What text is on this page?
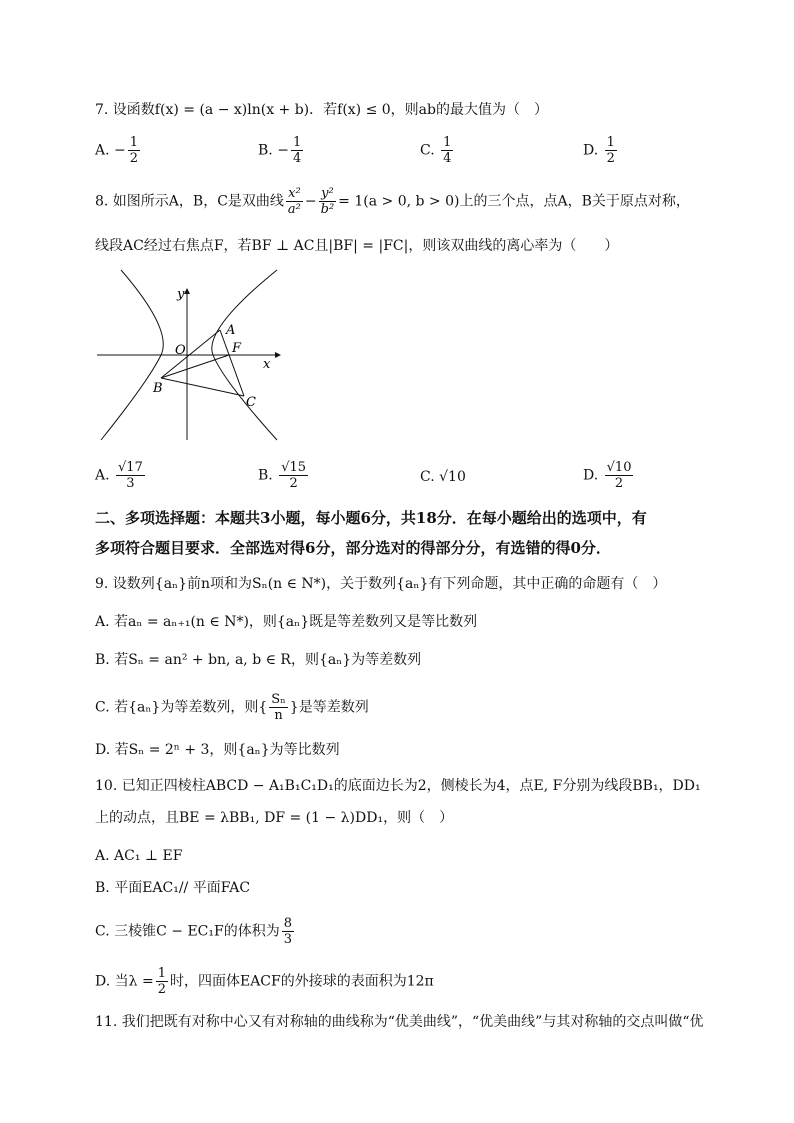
7. 设函数f(x) = (a − x)ln(x + b)．若f(x) ≤ 0，则ab的最大值为（　）
A. − $\frac{1}{2}$	B. − $\frac{1}{4}$	C. $\frac{1}{4}$	D. $\frac{1}{2}$
8. 如图所示A，B，C是双曲线 $\frac{\text{x²}}{\text{a²}} - \frac{\text{y²}}{\text{b²}} = 1(a > 0$, b > 0)上的三个点，点A，B关于原点对称，
线段AC经过右焦点F，若BF ⊥ AC且|BF| = |FC|，则该双曲线的离心率为（　　）
y
O
A
F
x
B
C
A. $\frac{√17}{3}$	B. $\frac{√15}{2}$	C. √10	D. $\frac{√10}{2}$
二、多项选择题：本题共3小题，每小题6分，共18分．在每小题给出的选项中，有
多项符合题目要求．全部选对得6分，部分选对的得部分分，有选错的得0分．
9. 设数列{aₙ}前n项和为Sₙ(n ∈ N*)，关于数列{aₙ}有下列命题，其中正确的命题有（　）
A. 若aₙ = aₙ₊₁(n ∈ N*)，则{aₙ}既是等差数列又是等比数列
B. 若Sₙ = an² + bn, a, b ∈ R，则{aₙ}为等差数列
C. 若{aₙ}为等差数列，则{ $\frac{\text{Sₙ}}{n}$ }是等差数列
D. 若Sₙ = 2ⁿ + 3，则{aₙ}为等比数列
10. 已知正四棱柱ABCD − A₁B₁C₁D₁的底面边长为2，侧棱长为4，点E, F分别为线段BB₁，DD₁
上的动点，且BE = λBB₁, DF = (1 − λ)DD₁，则（　）
A. AC₁ ⊥ EF
B. 平面EAC₁// 平面FAC
C. 三棱锥C − EC₁F的体积为 $\frac{8}{3}$
D. 当$\lambda = \frac{1}{2}$ 时，四面体EACF的外接球的表面积为12π
11. 我们把既有对称中心又有对称轴的曲线称为“优美曲线”，“优美曲线”与其对称轴的交点叫做“优
